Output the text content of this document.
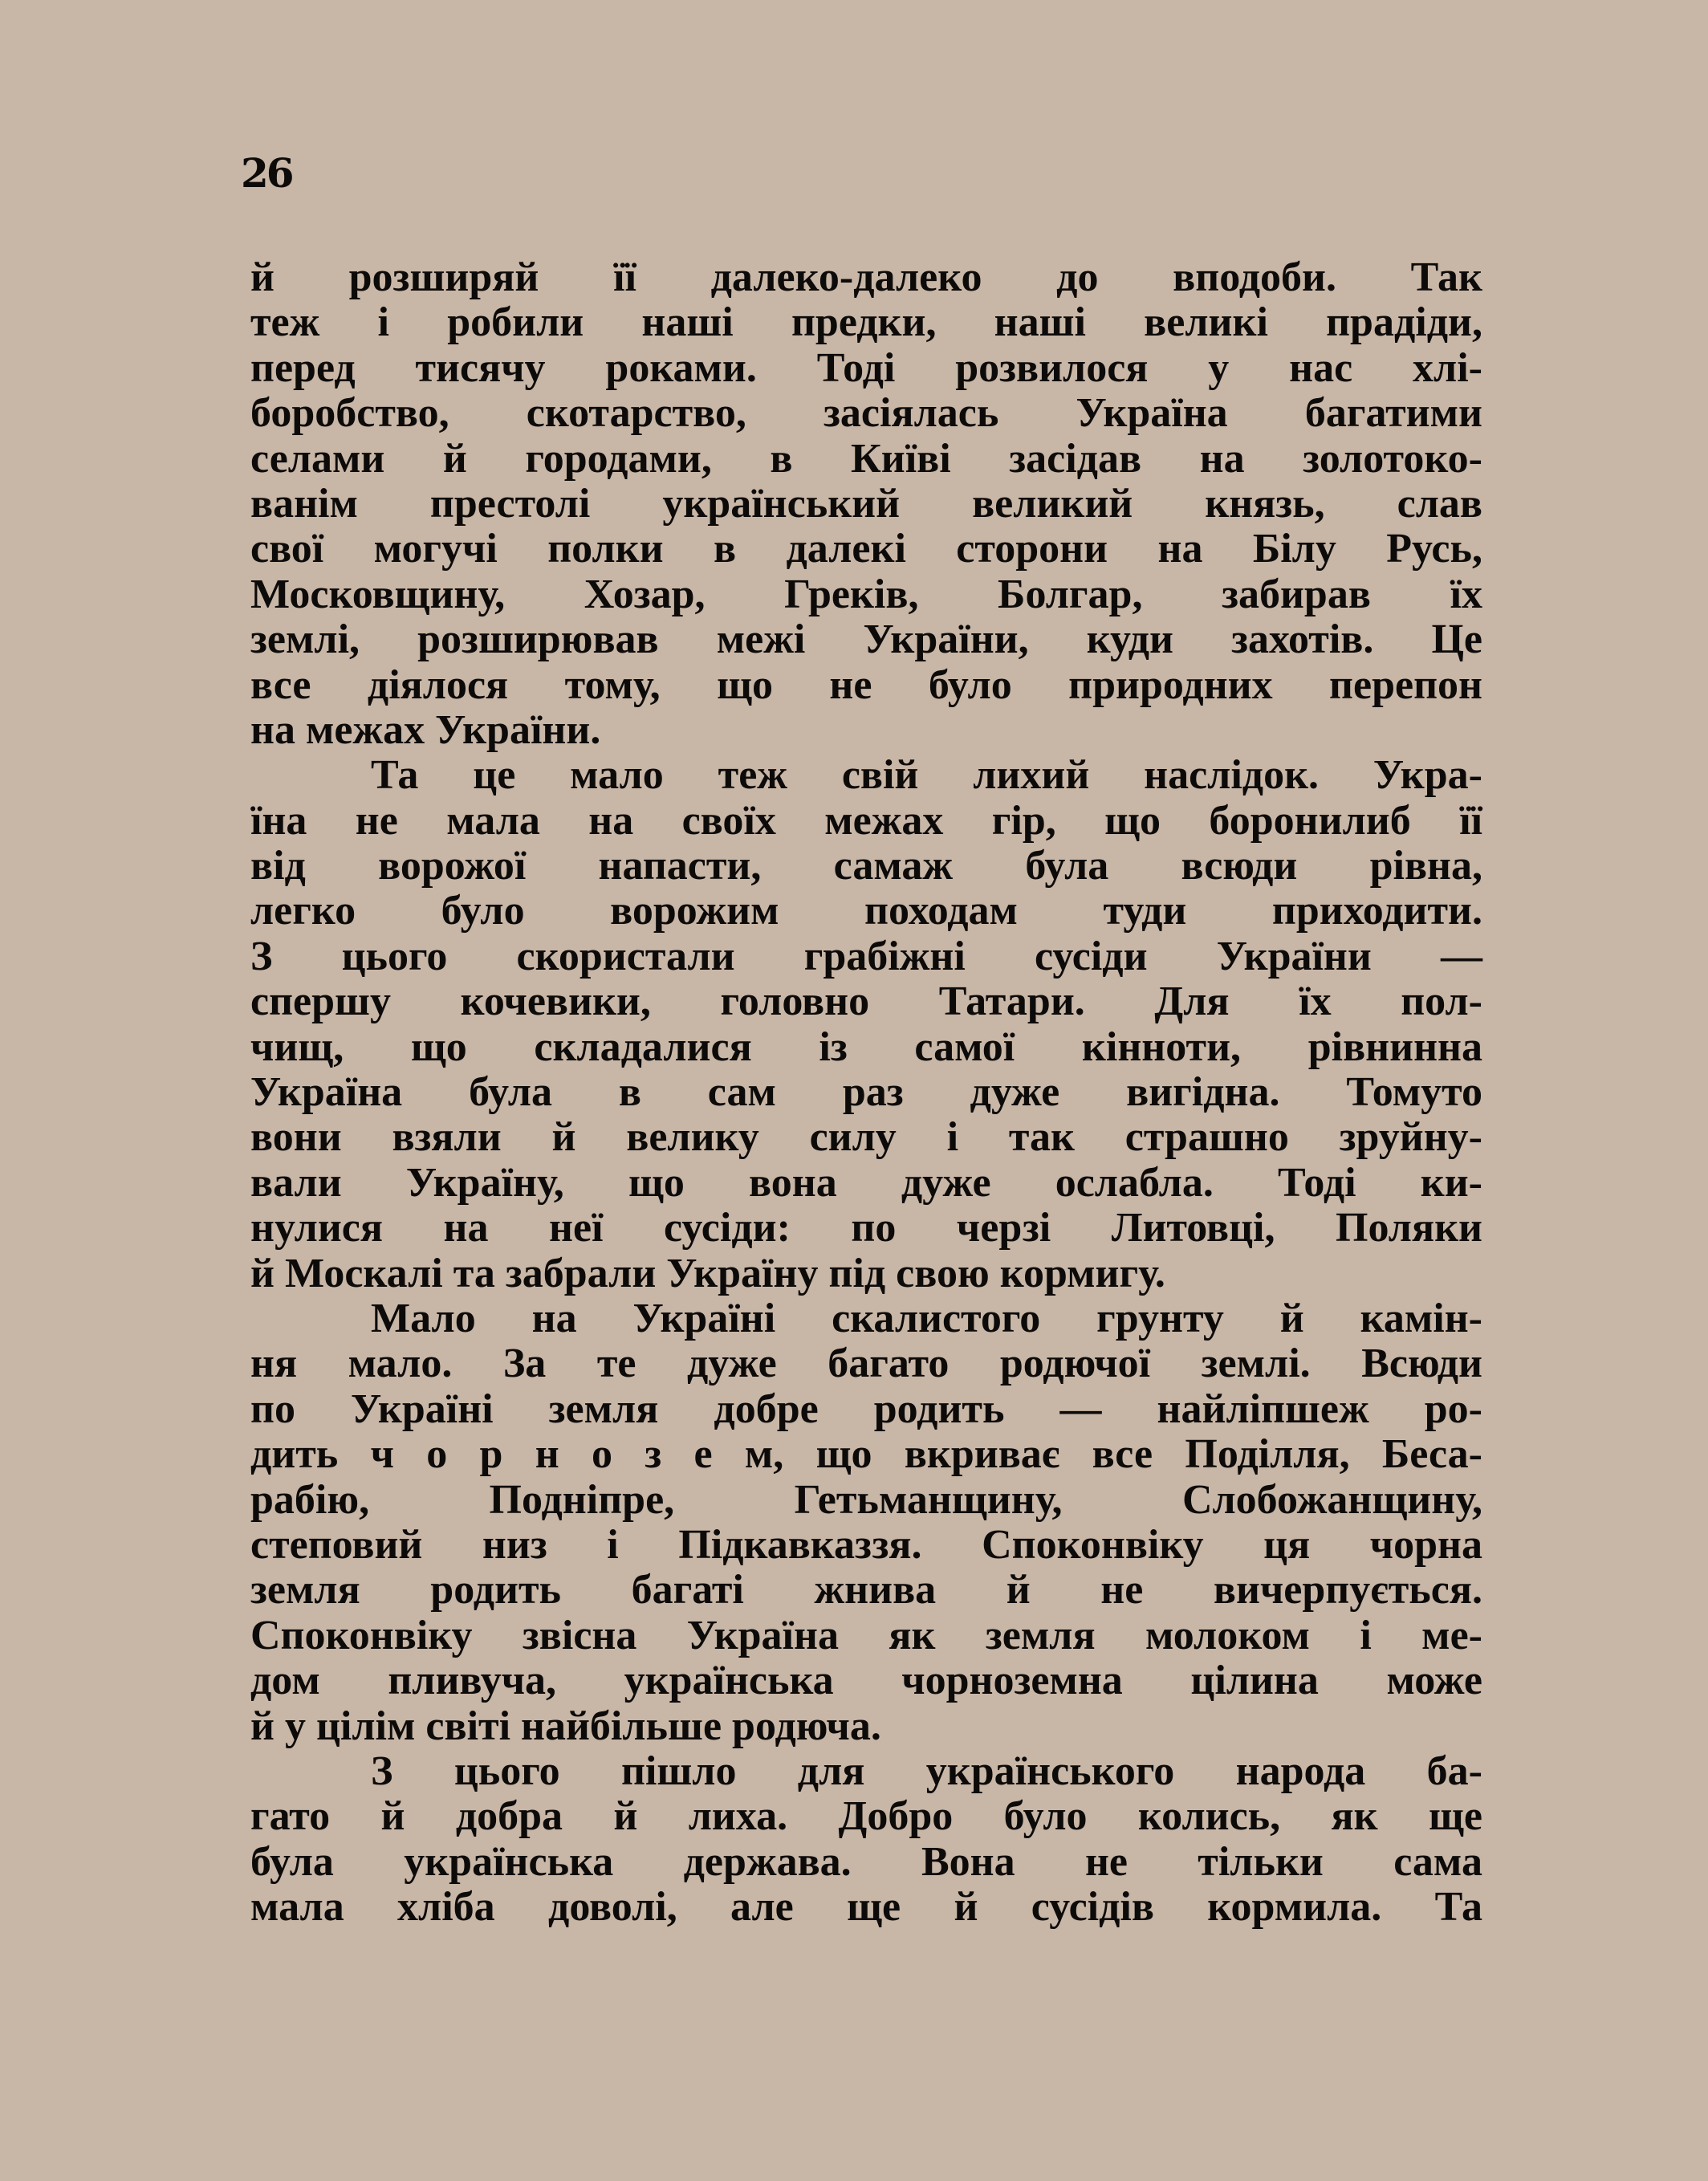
26
й розширяй її далеко-далеко до вподоби. Так
теж і робили наші предки, наші великі прадіди,
перед тисячу роками. Тоді розвилося у нас хлі-
боробство, скотарство, засіялась Україна багатими
селами й городами, в Київі засідав на золотоко-
ванім престолі український великий князь, слав
свої могучі полки в далекі сторони на Білу Русь,
Московщину, Хозар, Греків, Болгар, забирав їх
землі, розширював межі України, куди захотів. Це
все діялося тому, що не було природних перепон
на межах України.
Та це мало теж свій лихий наслідок. Укра-
їна не мала на своїх межах гір, що боронилиб її
від ворожої напасти, самаж була всюди рівна,
легко було ворожим походам туди приходити.
З цього скористали грабіжні сусіди України —
спершу кочевики, головно Татари. Для їх пол-
чищ, що складалися із самої кінноти, рівнинна
Україна була в сам раз дуже вигідна. Томуто
вони взяли й велику силу і так страшно зруйну-
вали Україну, що вона дуже ослабла. Тоді ки-
нулися на неї сусіди: по черзі Литовці, Поляки
й Москалі та забрали Україну під свою кормигу.
Мало на Україні скалистого грунту й камін-
ня мало. За те дуже багато родючої землі. Всюди
по Україні земля добре родить — найліпшеж ро-
дить ч о р н о з е м, що вкриває все Поділля, Беса-
рабію, Подніпре, Гетьманщину, Слобожанщину,
степовий низ і Підкавказзя. Споконвіку ця чорна
земля родить багаті жнива й не вичерпується.
Споконвіку звісна Україна як земля молоком і ме-
дом пливуча, українська чорноземна цілина може
й у цілім світі найбільше родюча.
З цього пішло для українського народа ба-
гато й добра й лиха. Добро було колись, як ще
була українська держава. Вона не тільки сама
мала хліба доволі, але ще й сусідів кормила. Та
